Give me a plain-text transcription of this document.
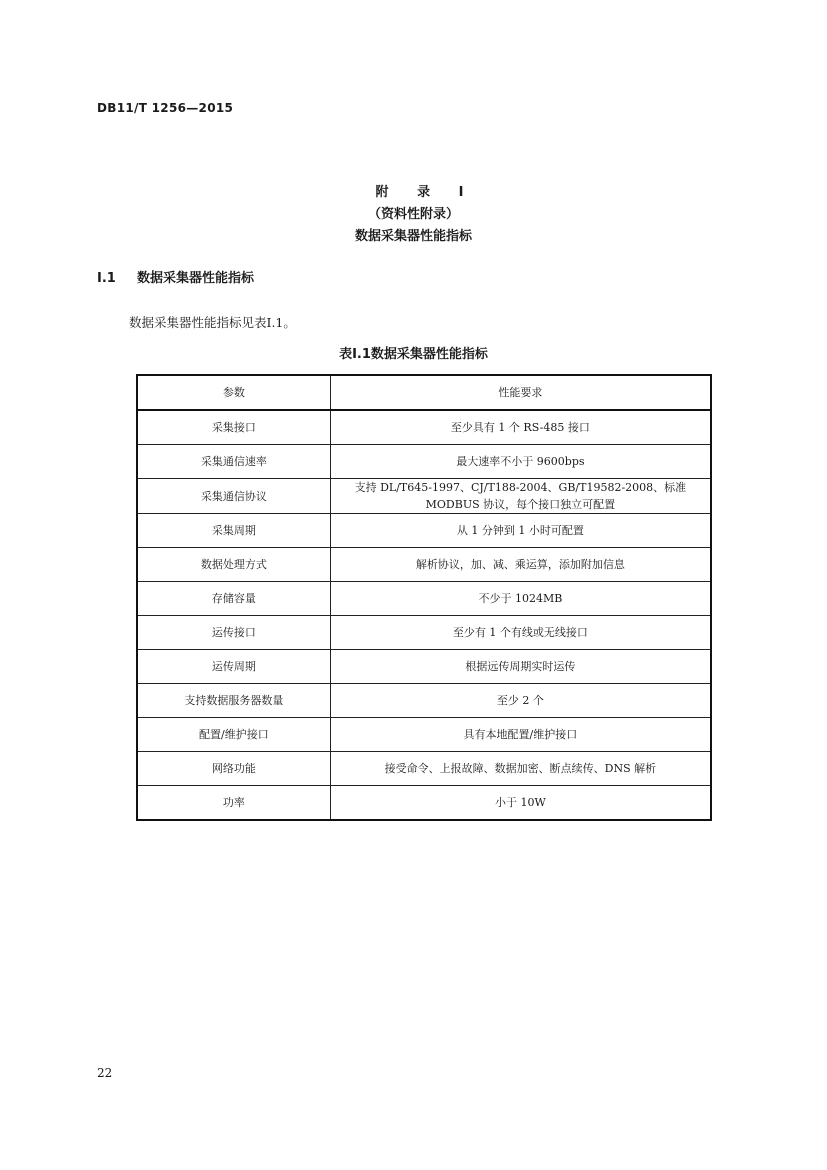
DB11/T 1256—2015
附 录 I
（资料性附录）
数据采集器性能指标
I.1 数据采集器性能指标
数据采集器性能指标见表I.1。
表I.1数据采集器性能指标
参数	性能要求
采集接口	至少具有 1 个 RS-485 接口
采集通信速率	最大速率不小于 9600bps
采集通信协议	支持 DL/T645-1997、CJ/T188-2004、GB/T19582-2008、标准 MODBUS 协议，每个接口独立可配置
采集周期	从 1 分钟到 1 小时可配置
数据处理方式	解析协议，加、减、乘运算，添加附加信息
存储容量	不少于 1024MB
运传接口	至少有 1 个有线或无线接口
运传周期	根据远传周期实时运传
支持数据服务器数量	至少 2 个
配置/维护接口	具有本地配置/维护接口
网络功能	接受命令、上报故障、数据加密、断点续传、DNS 解析
功率	小于 10W
22
